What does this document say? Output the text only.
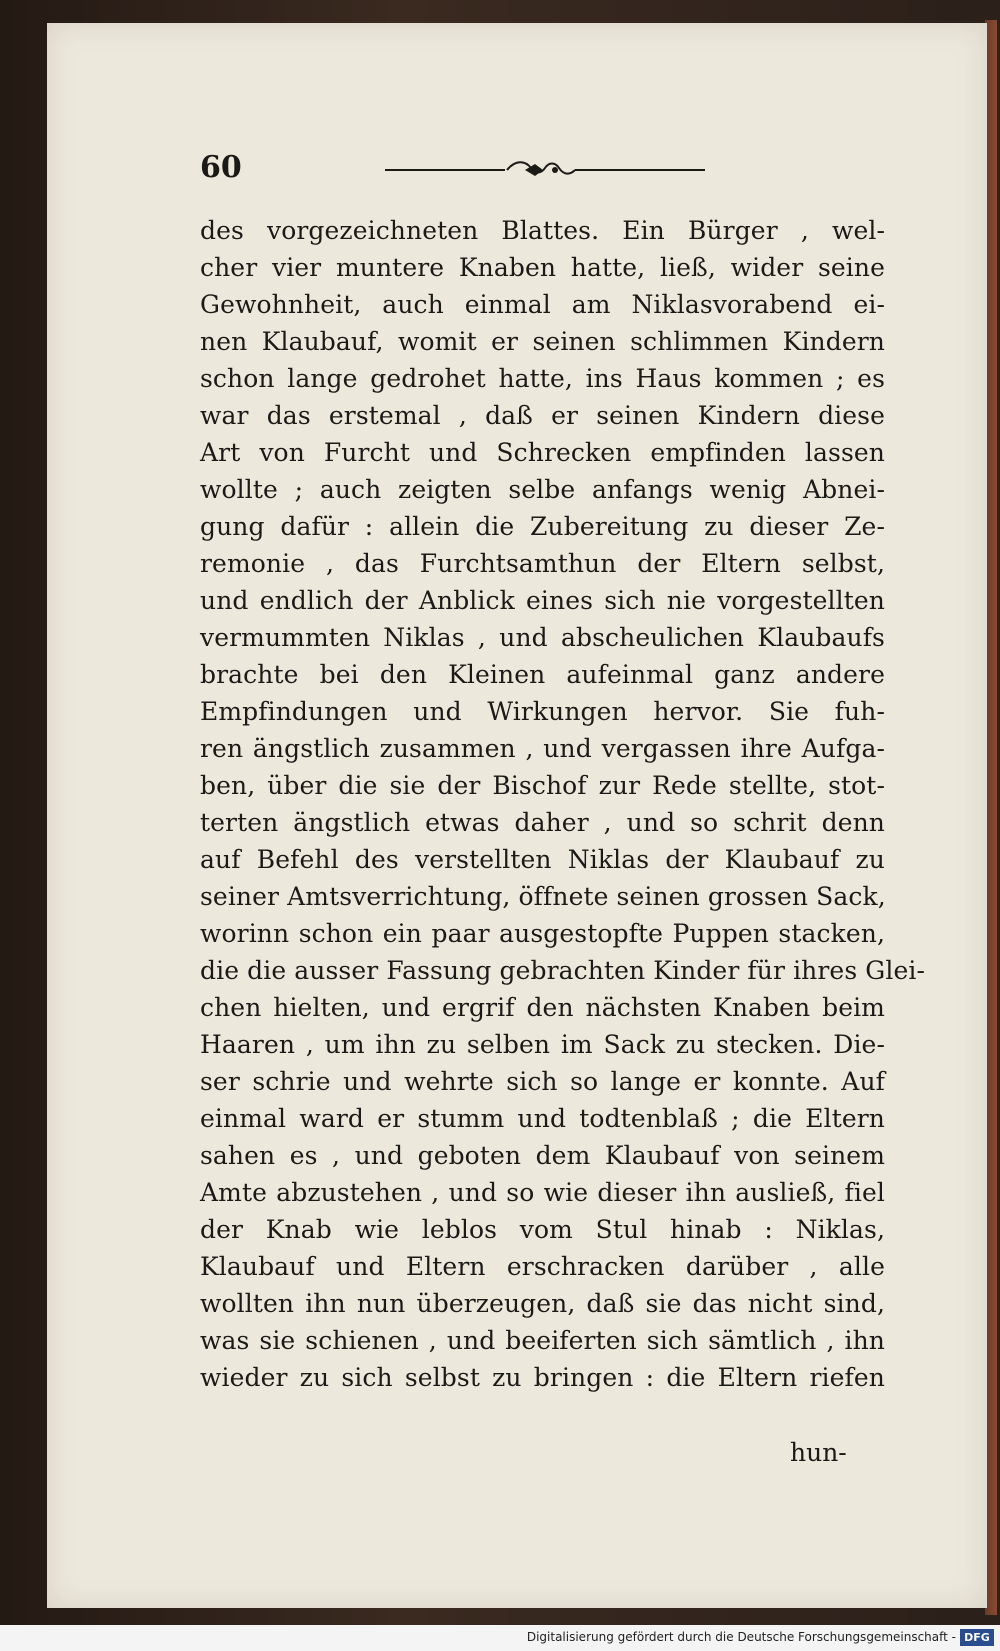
60
des vorgezeichneten Blattes. Ein Bürger , wel-
cher vier muntere Knaben hatte, ließ, wider seine
Gewohnheit, auch einmal am Niklasvorabend ei-
nen Klaubauf, womit er seinen schlimmen Kindern
schon lange gedrohet hatte, ins Haus kommen ; es
war das erstemal , daß er seinen Kindern diese
Art von Furcht und Schrecken empfinden lassen
wollte ; auch zeigten selbe anfangs wenig Abnei-
gung dafür : allein die Zubereitung zu dieser Ze-
remonie , das Furchtsamthun der Eltern selbst,
und endlich der Anblick eines sich nie vorgestellten
vermummten Niklas , und abscheulichen Klaubaufs
brachte bei den Kleinen aufeinmal ganz andere
Empfindungen und Wirkungen hervor. Sie fuh-
ren ängstlich zusammen , und vergassen ihre Aufga-
ben, über die sie der Bischof zur Rede stellte, stot-
terten ängstlich etwas daher , und so schrit denn
auf Befehl des verstellten Niklas der Klaubauf zu
seiner Amtsverrichtung, öffnete seinen grossen Sack,
worinn schon ein paar ausgestopfte Puppen stacken,
die die ausser Fassung gebrachten Kinder für ihres Glei-
chen hielten, und ergrif den nächsten Knaben beim
Haaren , um ihn zu selben im Sack zu stecken. Die-
ser schrie und wehrte sich so lange er konnte. Auf
einmal ward er stumm und todtenblaß ; die Eltern
sahen es , und geboten dem Klaubauf von seinem
Amte abzustehen , und so wie dieser ihn ausließ, fiel
der Knab wie leblos vom Stul hinab : Niklas,
Klaubauf und Eltern erschracken darüber , alle
wollten ihn nun überzeugen, daß sie das nicht sind,
was sie schienen , und beeiferten sich sämtlich , ihn
wieder zu sich selbst zu bringen : die Eltern riefen
hun-
Digitalisierung gefördert durch die Deutsche Forschungsgemeinschaft - DFG
